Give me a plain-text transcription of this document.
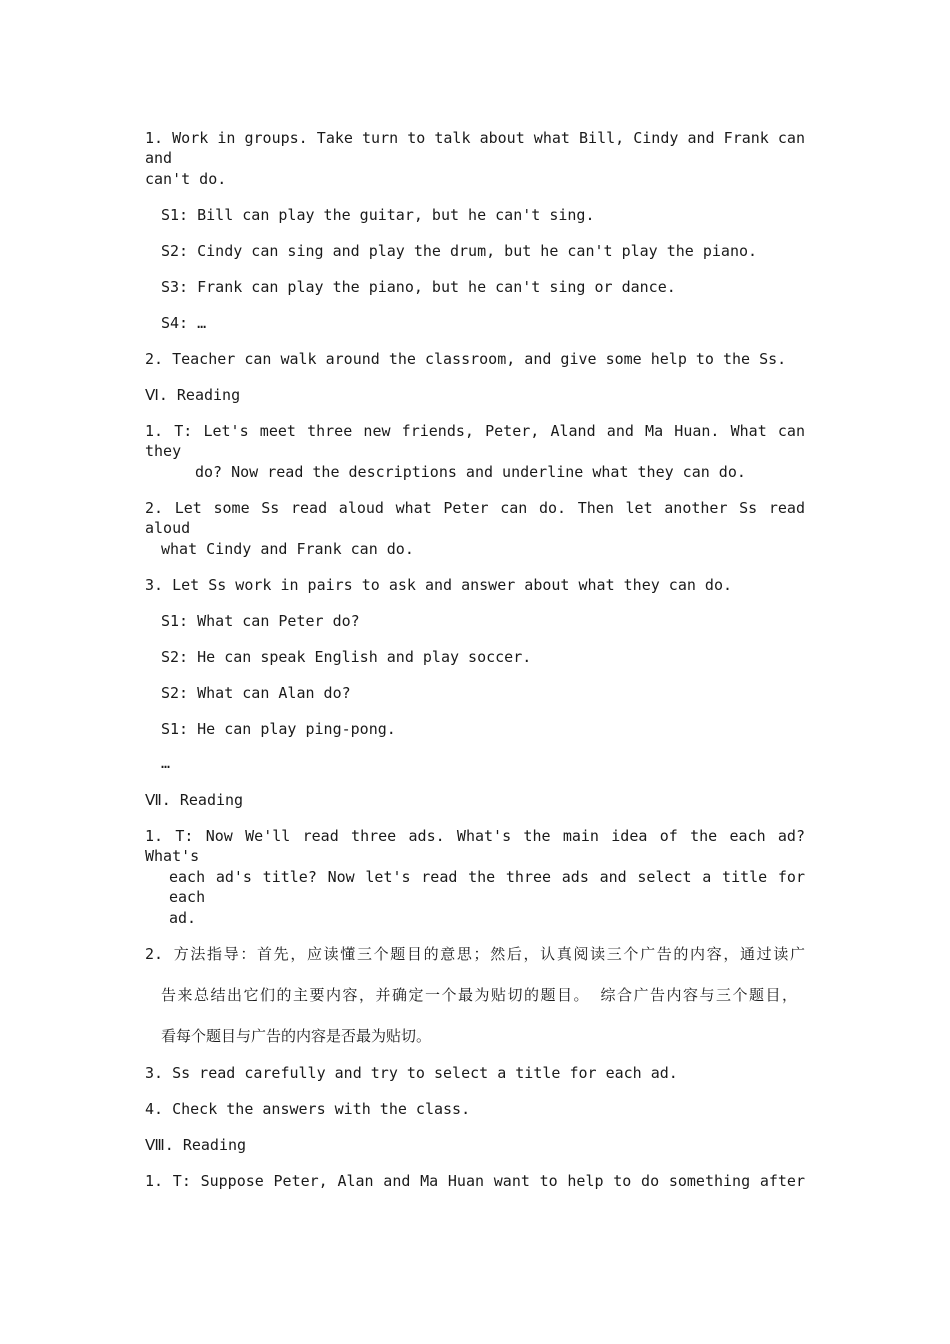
1. Work in groups. Take turn to talk about what Bill, Cindy and Frank can and
can't do.
S1: Bill can play the guitar, but he can't sing.
S2: Cindy can sing and play the drum, but he can't play the piano.
S3: Frank can play the piano, but he can't sing or dance.
S4: …
2. Teacher can walk around the classroom, and give some help to the Ss.
Ⅵ. Reading
1. T: Let's meet three new friends, Peter, Aland and Ma Huan. What can they
do? Now read the descriptions and underline what they can do.
2. Let some Ss read aloud what Peter can do. Then let another Ss read aloud
what Cindy and Frank can do.
3. Let Ss work in pairs to ask and answer about what they can do.
S1: What can Peter do?
S2: He can speak English and play soccer.
S2: What can Alan do?
S1: He can play ping-pong.
…
Ⅶ. Reading
1. T: Now We'll read three ads. What's the main idea of the each ad? What's
each ad's title? Now let's read the three ads and select a title for each
ad.
2. 方法指导：首先，应读懂三个题目的意思；然后，认真阅读三个广告的内容，通过读广
告来总结出它们的主要内容，并确定一个最为贴切的题目。 综合广告内容与三个题目，
看每个题目与广告的内容是否最为贴切。
3. Ss read carefully and try to select a title for each ad.
4. Check the answers with the class.
Ⅷ. Reading
1. T: Suppose Peter, Alan and Ma Huan want to help to do something after
